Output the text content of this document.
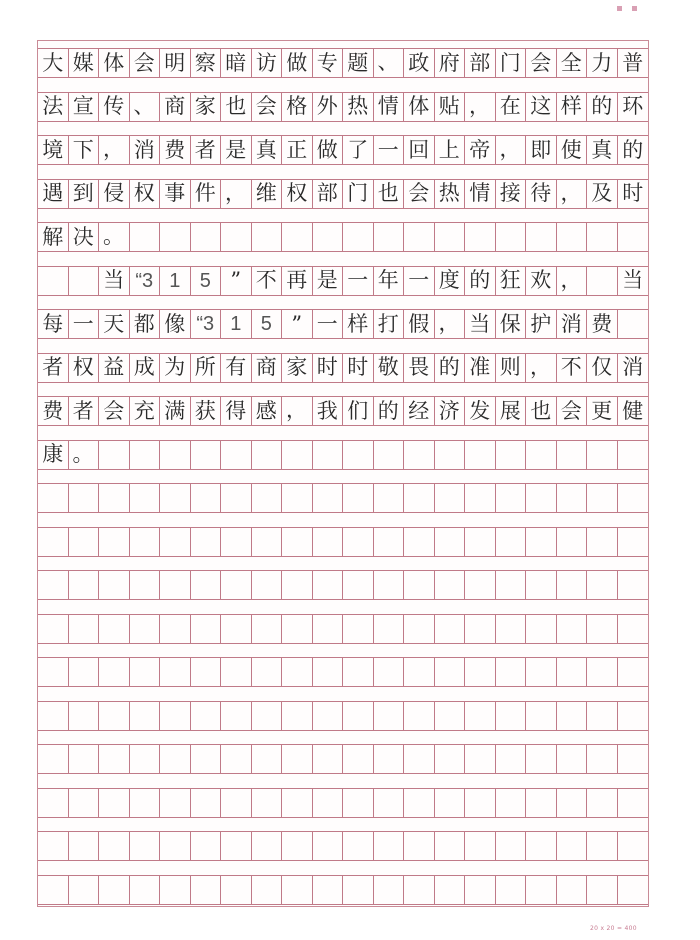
大 媒 体 会 明 察 暗 访 做 专 题 、 政 府 部 门 会 全 力 普
法 宣 传 、 商 家 也 会 格 外 热 情 体 贴 ， 在 这 样 的 环
境 下 ， 消 费 者 是 真 正 做 了 一 回 上 帝 ， 即 使 真 的
遇 到 侵 权 事 件 ， 维 权 部 门 也 会 热 情 接 待 ， 及 时
解 决 。
当 “3 1 5 ” 不 再 是 一 年 一 度 的 狂 欢 ， 当
每 一 天 都 像 “3 1 5 ” 一 样 打 假 ， 当 保 护 消 费
者 权 益 成 为 所 有 商 家 时 时 敬 畏 的 准 则 ， 不 仅 消
费 者 会 充 满 获 得 感 ， 我 们 的 经 济 发 展 也 会 更 健
康 。
20 x 20 = 400
